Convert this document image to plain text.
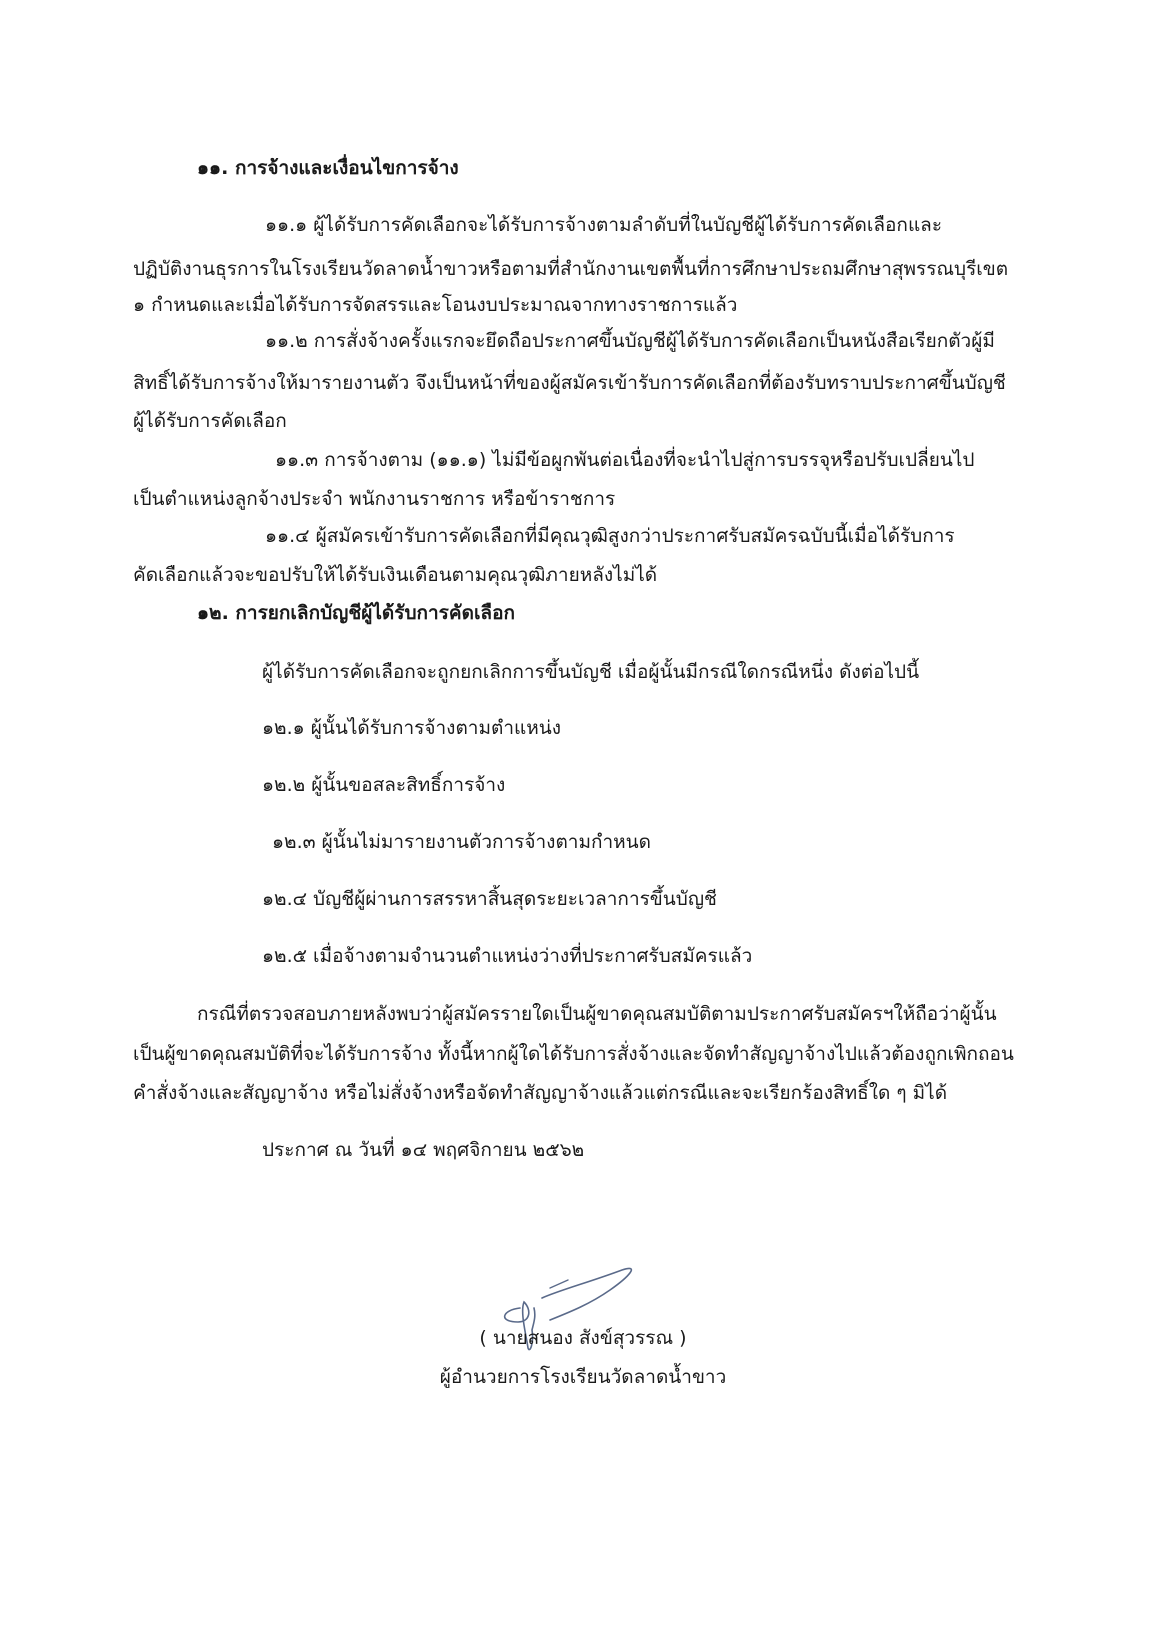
๑๑. การจ้างและเงื่อนไขการจ้าง
๑๑.๑ ผู้ได้รับการคัดเลือกจะได้รับการจ้างตามลำดับที่ในบัญชีผู้ได้รับการคัดเลือกและ
ปฏิบัติงานธุรการในโรงเรียนวัดลาดน้ำขาวหรือตามที่สำนักงานเขตพื้นที่การศึกษาประถมศึกษาสุพรรณบุรีเขต
๑ กำหนดและเมื่อได้รับการจัดสรรและโอนงบประมาณจากทางราชการแล้ว
๑๑.๒ การสั่งจ้างครั้งแรกจะยึดถือประกาศขึ้นบัญชีผู้ได้รับการคัดเลือกเป็นหนังสือเรียกตัวผู้มี
สิทธิ์ได้รับการจ้างให้มารายงานตัว จึงเป็นหน้าที่ของผู้สมัครเข้ารับการคัดเลือกที่ต้องรับทราบประกาศขึ้นบัญชี
ผู้ได้รับการคัดเลือก
๑๑.๓ การจ้างตาม (๑๑.๑) ไม่มีข้อผูกพันต่อเนื่องที่จะนำไปสู่การบรรจุหรือปรับเปลี่ยนไป
เป็นตำแหน่งลูกจ้างประจำ พนักงานราชการ หรือข้าราชการ
๑๑.๔ ผู้สมัครเข้ารับการคัดเลือกที่มีคุณวุฒิสูงกว่าประกาศรับสมัครฉบับนี้เมื่อได้รับการ
คัดเลือกแล้วจะขอปรับให้ได้รับเงินเดือนตามคุณวุฒิภายหลังไม่ได้
๑๒. การยกเลิกบัญชีผู้ได้รับการคัดเลือก
ผู้ได้รับการคัดเลือกจะถูกยกเลิกการขึ้นบัญชี เมื่อผู้นั้นมีกรณีใดกรณีหนึ่ง ดังต่อไปนี้
๑๒.๑ ผู้นั้นได้รับการจ้างตามตำแหน่ง
๑๒.๒ ผู้นั้นขอสละสิทธิ์การจ้าง
๑๒.๓ ผู้นั้นไม่มารายงานตัวการจ้างตามกำหนด
๑๒.๔ บัญชีผู้ผ่านการสรรหาสิ้นสุดระยะเวลาการขึ้นบัญชี
๑๒.๕ เมื่อจ้างตามจำนวนตำแหน่งว่างที่ประกาศรับสมัครแล้ว
กรณีที่ตรวจสอบภายหลังพบว่าผู้สมัครรายใดเป็นผู้ขาดคุณสมบัติตามประกาศรับสมัครฯให้ถือว่าผู้นั้น
เป็นผู้ขาดคุณสมบัติที่จะได้รับการจ้าง ทั้งนี้หากผู้ใดได้รับการสั่งจ้างและจัดทำสัญญาจ้างไปแล้วต้องถูกเพิกถอน
คำสั่งจ้างและสัญญาจ้าง หรือไม่สั่งจ้างหรือจัดทำสัญญาจ้างแล้วแต่กรณีและจะเรียกร้องสิทธิ์ใด ๆ มิได้
ประกาศ ณ วันที่ ๑๔ พฤศจิกายน ๒๕๖๒
( นายสนอง สังข์สุวรรณ )
ผู้อำนวยการโรงเรียนวัดลาดน้ำขาว
